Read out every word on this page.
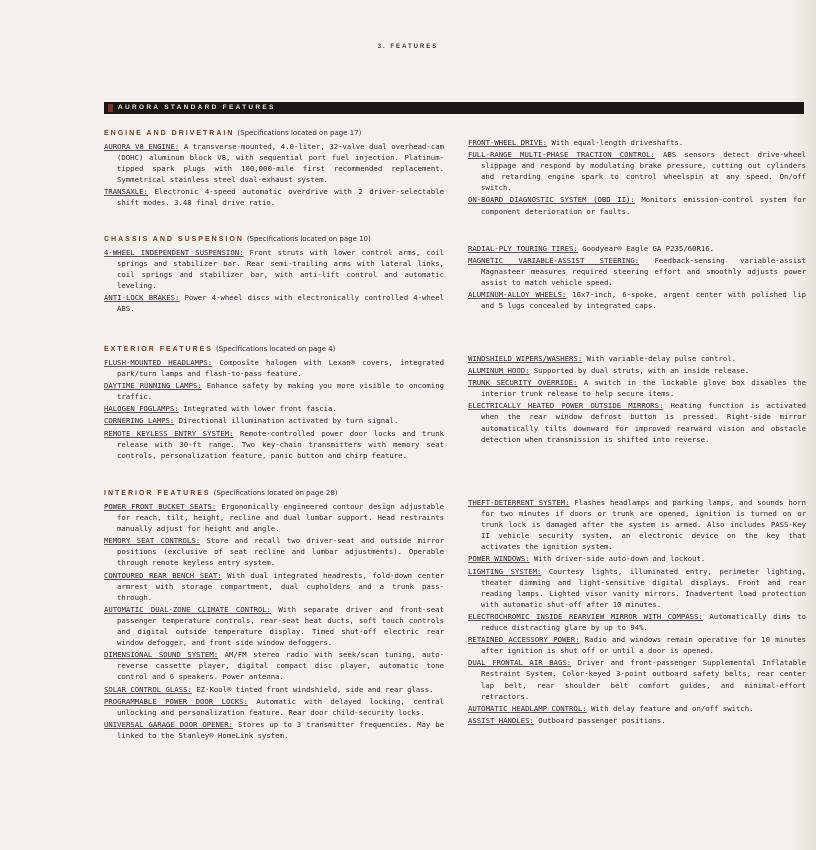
3. FEATURES
AURORA STANDARD FEATURES
ENGINE AND DRIVETRAIN (Specifications located on page 17)

AURORA V8 ENGINE: A transverse-mounted, 4.0-liter, 32-valve dual overhead-cam (DOHC) aluminum block V8, with sequential port fuel injection. Platinum-tipped spark plugs with 100,000-mile first recommended replacement. Symmetrical stainless steel dual-exhaust system.

TRANSAXLE: Electronic 4-speed automatic overdrive with 2 driver-selectable shift modes. 3.48 final drive ratio.

CHASSIS AND SUSPENSION (Specifications located on page 10)

4-WHEEL INDEPENDENT SUSPENSION: Front struts with lower control arms, coil springs and stabilizer bar. Rear semi-trailing arms with lateral links, coil springs and stabilizer bar, with anti-lift control and automatic leveling.

ANTI-LOCK BRAKES: Power 4-wheel discs with electronically controlled 4-wheel ABS.

EXTERIOR FEATURES (Specifications located on page 4)

FLUSH-MOUNTED HEADLAMPS: Composite halogen with Lexan® covers, integrated park/turn lamps and flash-to-pass feature.

DAYTIME RUNNING LAMPS: Enhance safety by making you more visible to oncoming traffic.

HALOGEN FOGLAMPS: Integrated with lower front fascia.

CORNERING LAMPS: Directional illumination activated by turn signal.

REMOTE KEYLESS ENTRY SYSTEM: Remote-controlled power door locks and trunk release with 30-ft range. Two key-chain transmitters with memory seat controls, personalization feature, panic button and chirp feature.

INTERIOR FEATURES (Specifications located on page 28)

POWER FRONT BUCKET SEATS: Ergonomically engineered contour design adjustable for reach, tilt, height, recline and dual lumbar support. Head restraints manually adjust for height and angle.

MEMORY SEAT CONTROLS: Store and recall two driver-seat and outside mirror positions (exclusive of seat recline and lumbar adjustments). Operable through remote keyless entry system.

CONTOURED REAR BENCH SEAT: With dual integrated headrests, fold-down center armrest with storage compartment, dual cupholders and a trunk pass-through.

AUTOMATIC DUAL-ZONE CLIMATE CONTROL: With separate driver and front-seat passenger temperature controls, rear-seat heat ducts, soft touch controls and digital outside temperature display. Timed shut-off electric rear window defogger, and front side window defoggers.

DIMENSIONAL SOUND SYSTEM: AM/FM stereo radio with seek/scan tuning, auto-reverse cassette player, digital compact disc player, automatic tone control and 6 speakers. Power antenna.

SOLAR CONTROL GLASS: EZ-Kool® tinted front windshield, side and rear glass.

PROGRAMMABLE POWER DOOR LOCKS: Automatic with delayed locking, central unlocking and personalization feature. Rear door child-security locks.

UNIVERSAL GARAGE DOOR OPENER: Stores up to 3 transmitter frequencies. May be linked to the Stanley® HomeLink system.

FRONT-WHEEL DRIVE: With equal-length driveshafts.

FULL-RANGE MULTI-PHASE TRACTION CONTROL: ABS sensors detect drive-wheel slippage and respond by modulating brake pressure, cutting out cylinders and retarding engine spark to control wheelspin at any speed. On/off switch.

ON-BOARD DIAGNOSTIC SYSTEM (OBD II): Monitors emission-control system for component deterioration or faults.

RADIAL-PLY TOURING TIRES: Goodyear® Eagle GA P235/60R16.

MAGNETIC VARIABLE-ASSIST STEERING: Feedback-sensing variable-assist Magnasteer measures required steering effort and smoothly adjusts power assist to match vehicle speed.

ALUMINUM-ALLOY WHEELS: 16x7-inch, 6-spoke, argent center with polished lip and 5 lugs concealed by integrated caps.

WINDSHIELD WIPERS/WASHERS: With variable-delay pulse control.

ALUMINUM HOOD: Supported by dual struts, with an inside release.

TRUNK SECURITY OVERRIDE: A switch in the lockable glove box disables the interior trunk release to help secure items.

ELECTRICALLY HEATED POWER OUTSIDE MIRRORS: Heating function is activated when the rear window defrost button is pressed. Right-side mirror automatically tilts downward for improved rearward vision and obstacle detection when transmission is shifted into reverse.

THEFT-DETERRENT SYSTEM: Flashes headlamps and parking lamps, and sounds horn for two minutes if doors or trunk are opened, ignition is turned on or trunk lock is damaged after the system is armed. Also includes PASS-Key II vehicle security system, an electronic device on the key that activates the ignition system.

POWER WINDOWS: With driver-side auto-down and lockout.

LIGHTING SYSTEM: Courtesy lights, illuminated entry, perimeter lighting, theater dimming and light-sensitive digital displays. Front and rear reading lamps. Lighted visor vanity mirrors. Inadvertent load protection with automatic shut-off after 10 minutes.

ELECTROCHROMIC INSIDE REARVIEW MIRROR WITH COMPASS: Automatically dims to reduce distracting glare by up to 94%.

RETAINED ACCESSORY POWER: Radio and windows remain operative for 10 minutes after ignition is shut off or until a door is opened.

DUAL FRONTAL AIR BAGS: Driver and front-passenger Supplemental Inflatable Restraint System. Color-keyed 3-point outboard safety belts, rear center lap belt, rear shoulder belt comfort guides, and minimal-effort retractors.

AUTOMATIC HEADLAMP CONTROL: With delay feature and on/off switch.

ASSIST HANDLES: Outboard passenger positions.
